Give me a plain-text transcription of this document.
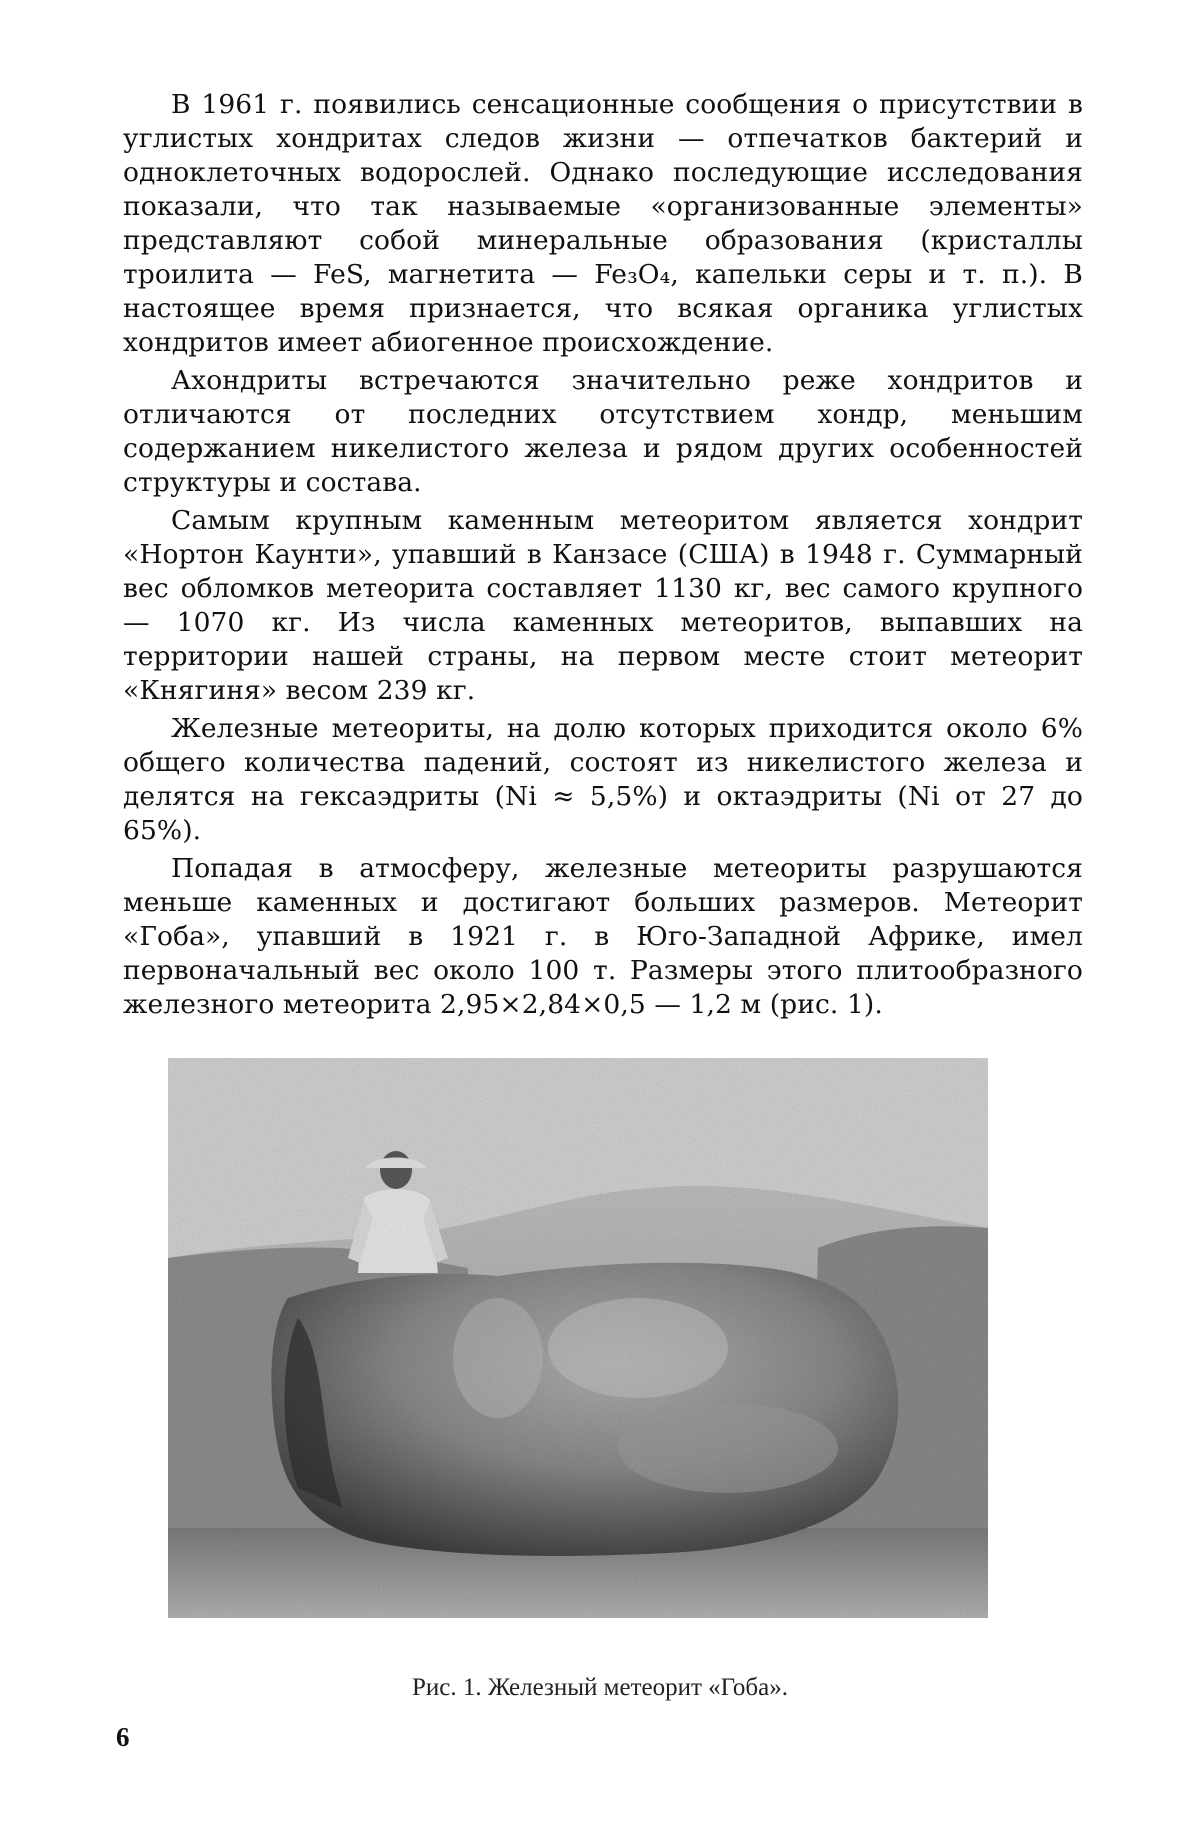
В 1961 г. появились сенсационные сообщения о присутствии в углистых хондритах следов жизни — отпечатков бактерий и одноклеточных водорослей. Однако последующие исследования показали, что так называемые «организованные элементы» представляют собой минеральные образования (кристаллы троилита — FeS, магнетита — Fe₃O₄, капельки серы и т. п.). В настоящее время признается, что всякая органика углистых хондритов имеет абиогенное происхождение.

Ахондриты встречаются значительно реже хондритов и отличаются от последних отсутствием хондр, меньшим содержанием никелистого железа и рядом других особенностей структуры и состава.

Самым крупным каменным метеоритом является хондрит «Нортон Каунти», упавший в Канзасе (США) в 1948 г. Суммарный вес обломков метеорита составляет 1130 кг, вес самого крупного — 1070 кг. Из числа каменных метеоритов, выпавших на территории нашей страны, на первом месте стоит метеорит «Княгиня» весом 239 кг.

Железные метеориты, на долю которых приходится около 6% общего количества падений, состоят из никелистого железа и делятся на гексаэдриты (Ni ≈ 5,5%) и октаэдриты (Ni от 27 до 65%).

Попадая в атмосферу, железные метеориты разрушаются меньше каменных и достигают больших размеров. Метеорит «Гоба», упавший в 1921 г. в Юго-Западной Африке, имел первоначальный вес около 100 т. Размеры этого плитообразного железного метеорита 2,95×2,84×0,5 — 1,2 м (рис. 1).

Рис. 1. Железный метеорит «Гоба».
6
